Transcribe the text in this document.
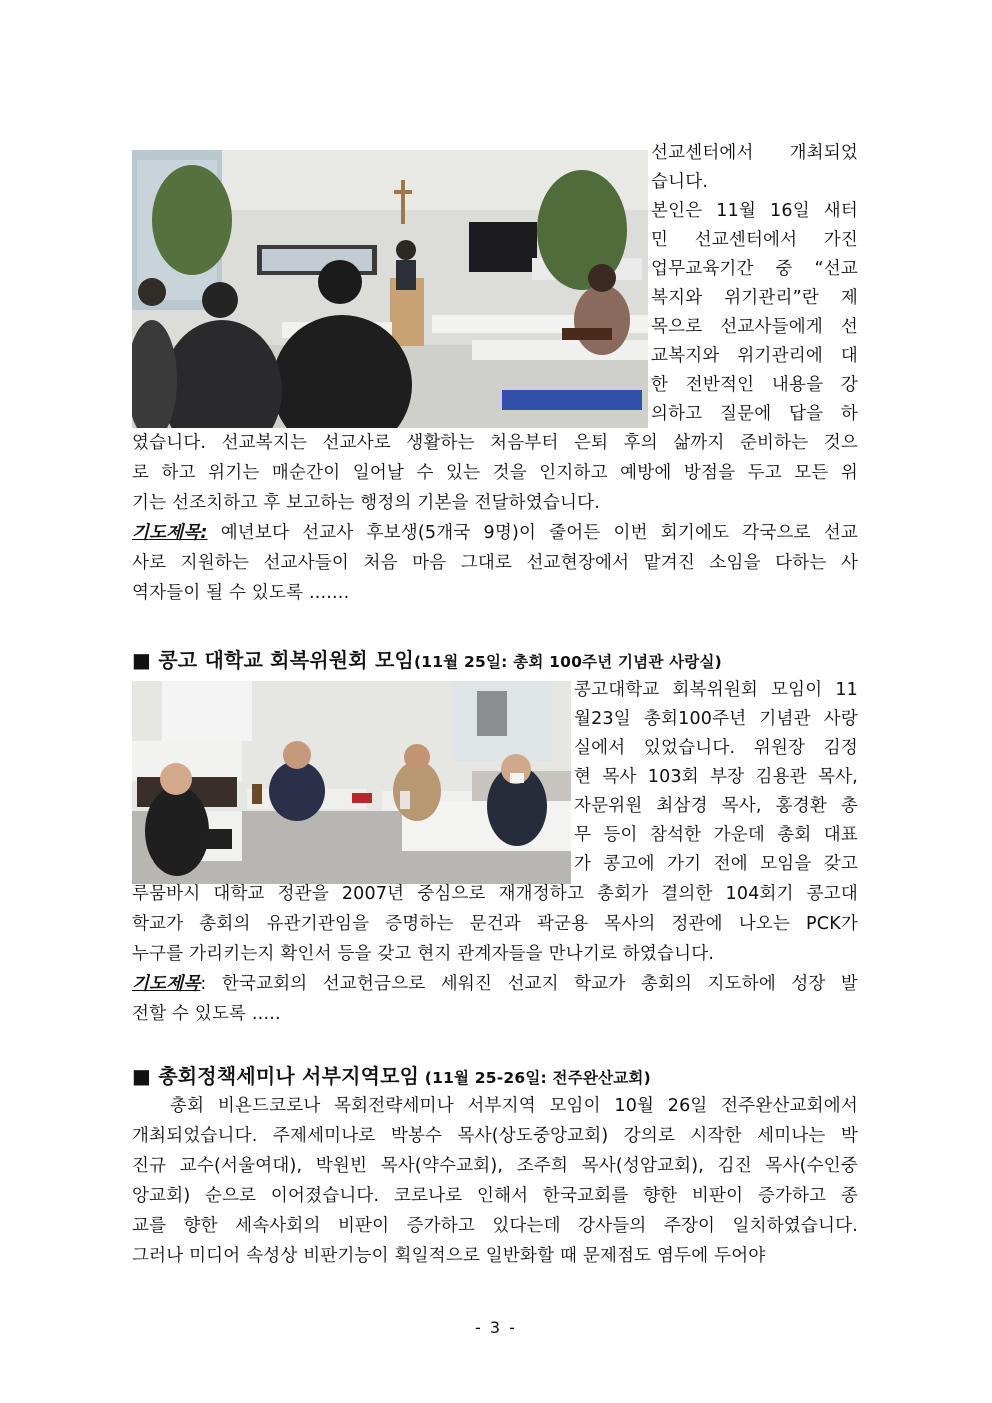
선교센터에서 개최되었
습니다.
본인은 11월 16일 새터
민 선교센터에서 가진
업무교육기간 중 “선교
복지와 위기관리”란 제
목으로 선교사들에게 선
교복지와 위기관리에 대
한 전반적인 내용을 강
의하고 질문에 답을 하
였습니다. 선교복지는 선교사로 생활하는 처음부터 은퇴 후의 삶까지 준비하는 것으
로 하고 위기는 매순간이 일어날 수 있는 것을 인지하고 예방에 방점을 두고 모든 위
기는 선조치하고 후 보고하는 행정의 기본을 전달하였습니다.
기도제목: 예년보다 선교사 후보생(5개국 9명)이 줄어든 이번 회기에도 각국으로 선교
사로 지원하는 선교사들이 처음 마음 그대로 선교현장에서 맡겨진 소임을 다하는 사
역자들이 될 수 있도록 .......
■ 콩고 대학교 회복위원회 모임(11월 25일: 총회 100주년 기념관 사랑실)
콩고대학교 회복위원회 모임이 11
월23일 총회100주년 기념관 사랑
실에서 있었습니다. 위원장 김정
현 목사 103회 부장 김용관 목사,
자문위원 최삼경 목사, 홍경환 총
무 등이 참석한 가운데 총회 대표
가 콩고에 가기 전에 모임을 갖고
루뭄바시 대학교 정관을 2007년 중심으로 재개정하고 총회가 결의한 104회기 콩고대
학교가 총회의 유관기관임을 증명하는 문건과 곽군용 목사의 정관에 나오는 PCK가
누구를 가리키는지 확인서 등을 갖고 현지 관계자들을 만나기로 하였습니다.
기도제목: 한국교회의 선교헌금으로 세워진 선교지 학교가 총회의 지도하에 성장 발
전할 수 있도록 .....
■ 총회정책세미나 서부지역모임 (11월 25-26일: 전주완산교회)
총회 비욘드코로나 목회전략세미나 서부지역 모임이 10월 26일 전주완산교회에서
개최되었습니다. 주제세미나로 박봉수 목사(상도중앙교회) 강의로 시작한 세미나는 박
진규 교수(서울여대), 박원빈 목사(약수교회), 조주희 목사(성암교회), 김진 목사(수인중
앙교회) 순으로 이어졌습니다. 코로나로 인해서 한국교회를 향한 비판이 증가하고 종
교를 향한 세속사회의 비판이 증가하고 있다는데 강사들의 주장이 일치하였습니다.
그러나 미디어 속성상 비판기능이 획일적으로 일반화할 때 문제점도 염두에 두어야
- 3 -
